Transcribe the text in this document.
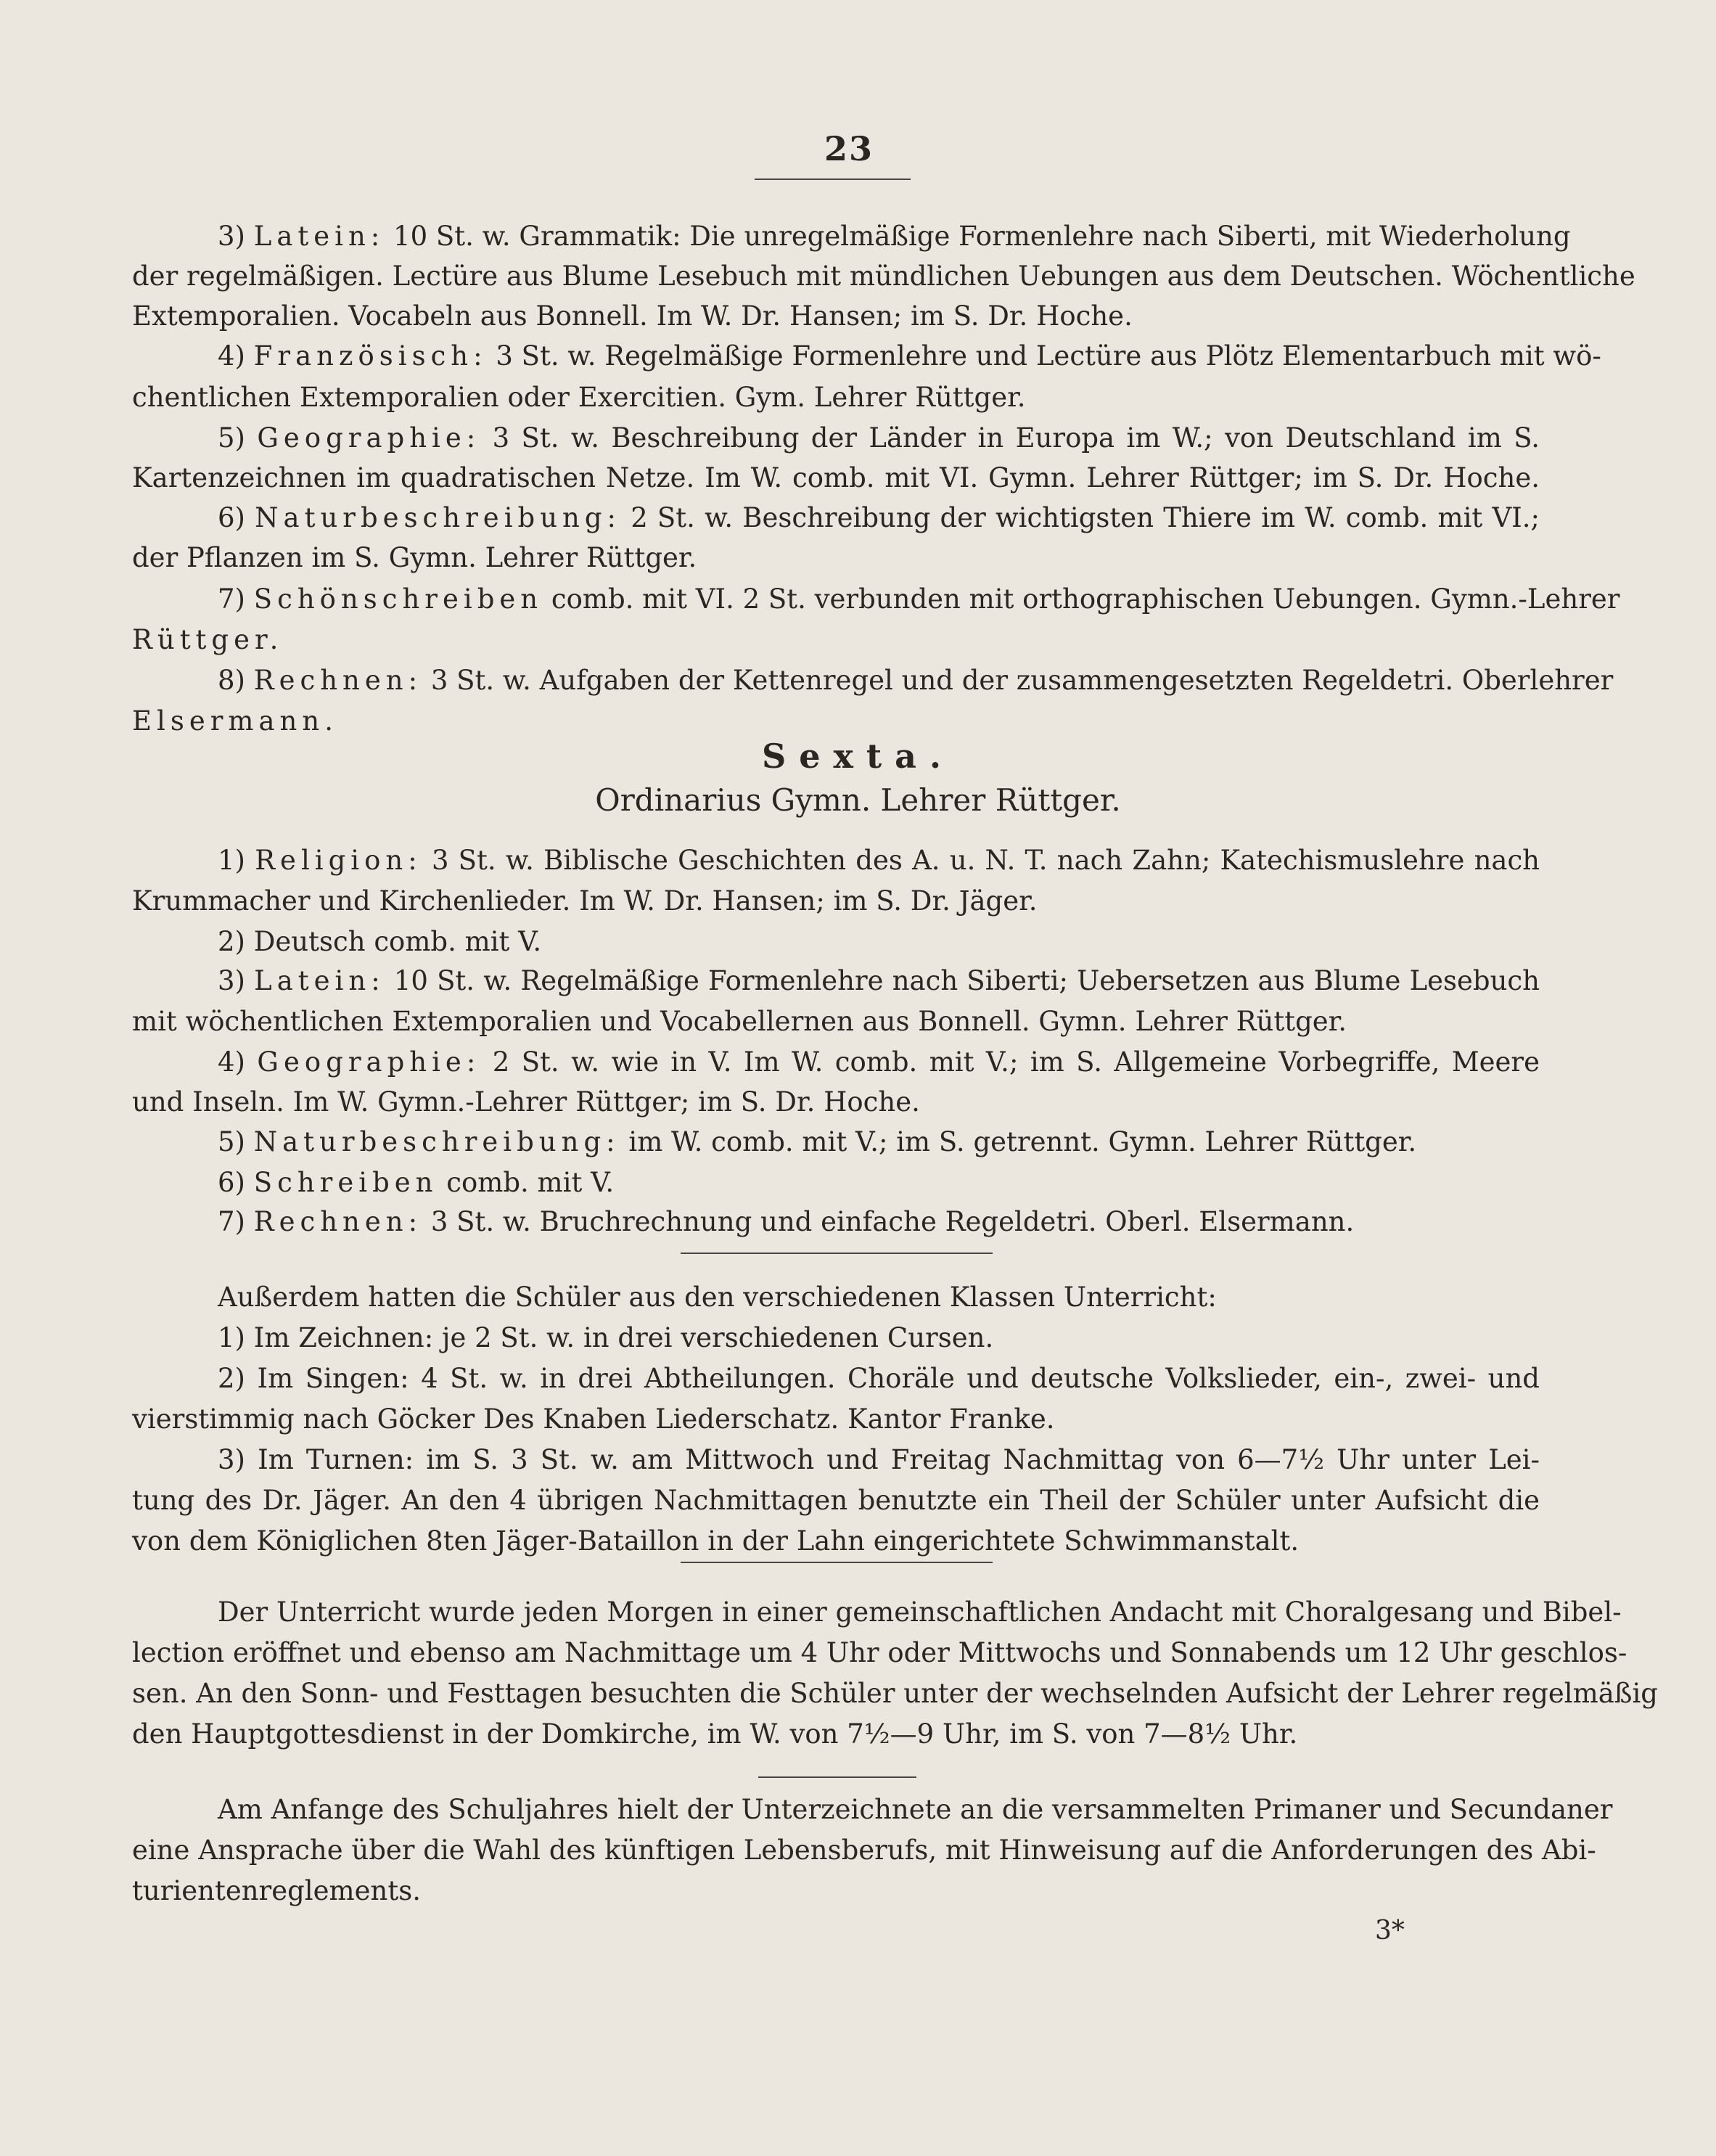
23
3) Latein: 10 St. w. Grammatik: Die unregelmäßige Formenlehre nach Siberti, mit Wiederholung
der regelmäßigen. Lectüre aus Blume Lesebuch mit mündlichen Uebungen aus dem Deutschen. Wöchentliche
Extemporalien. Vocabeln aus Bonnell. Im W. Dr. Hansen; im S. Dr. Hoche.
4) Französisch: 3 St. w. Regelmäßige Formenlehre und Lectüre aus Plötz Elementarbuch mit wö-
chentlichen Extemporalien oder Exercitien. Gym. Lehrer Rüttger.
5) Geographie: 3 St. w. Beschreibung der Länder in Europa im W.; von Deutschland im S.
Kartenzeichnen im quadratischen Netze. Im W. comb. mit VI. Gymn. Lehrer Rüttger; im S. Dr. Hoche.
6) Naturbeschreibung: 2 St. w. Beschreibung der wichtigsten Thiere im W. comb. mit VI.;
der Pflanzen im S. Gymn. Lehrer Rüttger.
7) Schönschreiben comb. mit VI. 2 St. verbunden mit orthographischen Uebungen. Gymn.-Lehrer
Rüttger.
8) Rechnen: 3 St. w. Aufgaben der Kettenregel und der zusammengesetzten Regeldetri. Oberlehrer
Elsermann.
Sexta.
Ordinarius Gymn. Lehrer Rüttger.
1) Religion: 3 St. w. Biblische Geschichten des A. u. N. T. nach Zahn; Katechismuslehre nach
Krummacher und Kirchenlieder. Im W. Dr. Hansen; im S. Dr. Jäger.
2) Deutsch comb. mit V.
3) Latein: 10 St. w. Regelmäßige Formenlehre nach Siberti; Uebersetzen aus Blume Lesebuch
mit wöchentlichen Extemporalien und Vocabellernen aus Bonnell. Gymn. Lehrer Rüttger.
4) Geographie: 2 St. w. wie in V. Im W. comb. mit V.; im S. Allgemeine Vorbegriffe, Meere
und Inseln. Im W. Gymn.-Lehrer Rüttger; im S. Dr. Hoche.
5) Naturbeschreibung: im W. comb. mit V.; im S. getrennt. Gymn. Lehrer Rüttger.
6) Schreiben comb. mit V.
7) Rechnen: 3 St. w. Bruchrechnung und einfache Regeldetri. Oberl. Elsermann.
Außerdem hatten die Schüler aus den verschiedenen Klassen Unterricht:
1) Im Zeichnen: je 2 St. w. in drei verschiedenen Cursen.
2) Im Singen: 4 St. w. in drei Abtheilungen. Choräle und deutsche Volkslieder, ein-, zwei- und
vierstimmig nach Göcker Des Knaben Liederschatz. Kantor Franke.
3) Im Turnen: im S. 3 St. w. am Mittwoch und Freitag Nachmittag von 6—7½ Uhr unter Lei-
tung des Dr. Jäger. An den 4 übrigen Nachmittagen benutzte ein Theil der Schüler unter Aufsicht die
von dem Königlichen 8ten Jäger-Bataillon in der Lahn eingerichtete Schwimmanstalt.
Der Unterricht wurde jeden Morgen in einer gemeinschaftlichen Andacht mit Choralgesang und Bibel-
lection eröffnet und ebenso am Nachmittage um 4 Uhr oder Mittwochs und Sonnabends um 12 Uhr geschlos-
sen. An den Sonn- und Festtagen besuchten die Schüler unter der wechselnden Aufsicht der Lehrer regelmäßig
den Hauptgottesdienst in der Domkirche, im W. von 7½—9 Uhr, im S. von 7—8½ Uhr.
Am Anfange des Schuljahres hielt der Unterzeichnete an die versammelten Primaner und Secundaner
eine Ansprache über die Wahl des künftigen Lebensberufs, mit Hinweisung auf die Anforderungen des Abi-
turientenreglements.
3*
